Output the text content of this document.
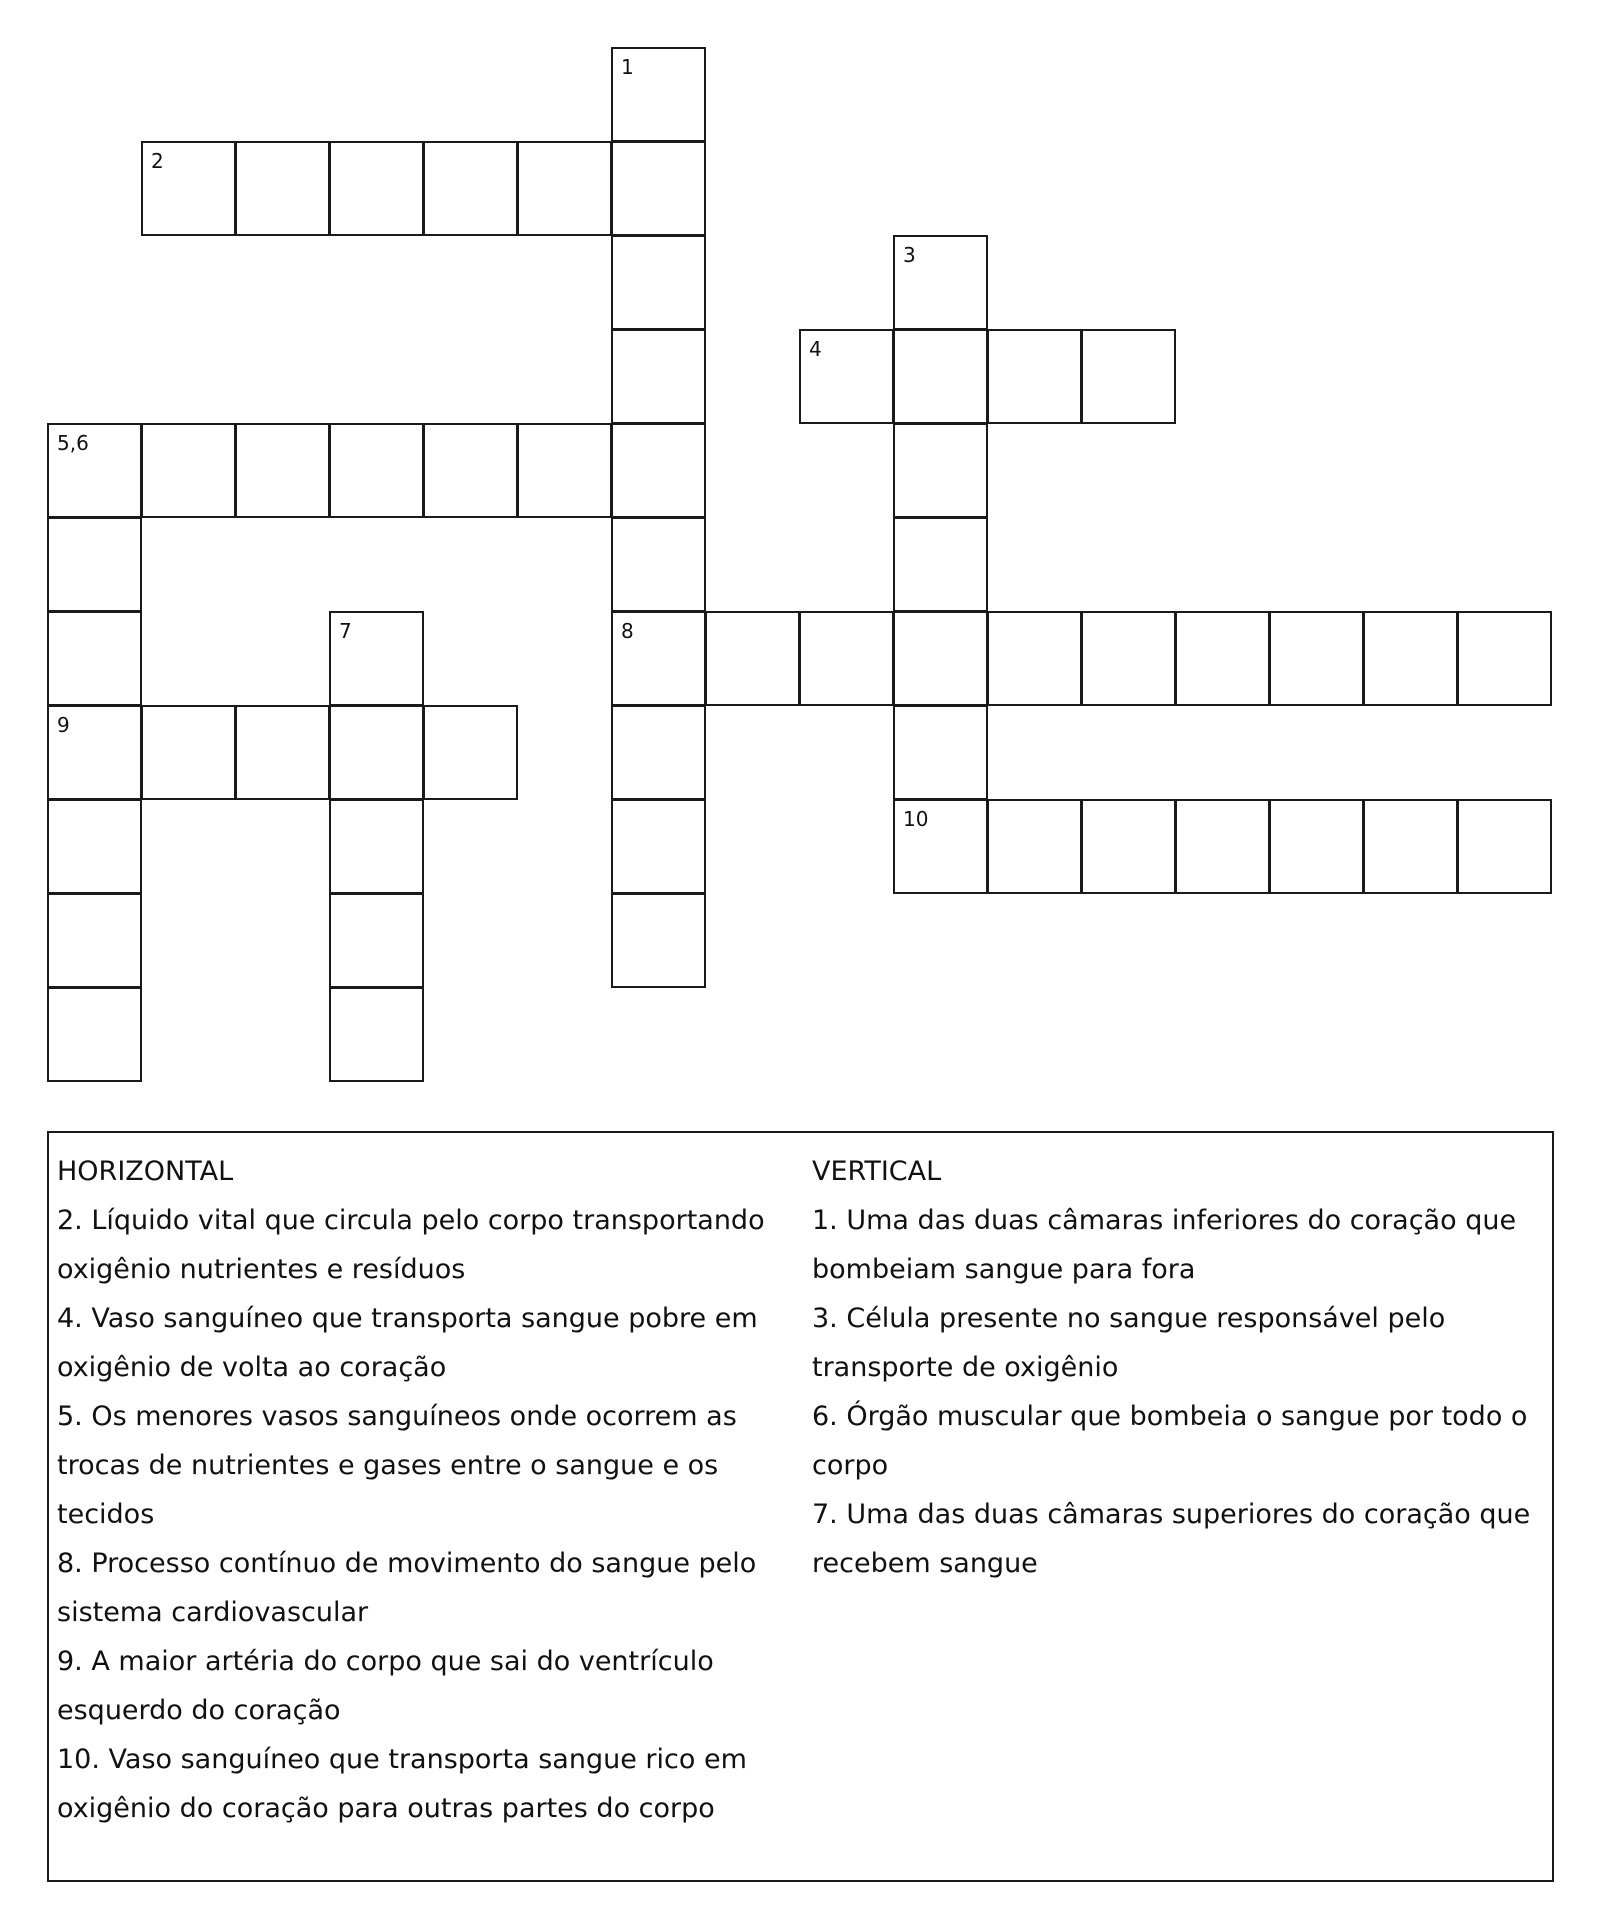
1
2
3
4
5,6
7	8
9
10

HORIZONTAL

2. Líquido vital que circula pelo corpo transportando oxigênio nutrientes e resíduos

4. Vaso sanguíneo que transporta sangue pobre em oxigênio de volta ao coração

5. Os menores vasos sanguíneos onde ocorrem as trocas de nutrientes e gases entre o sangue e os tecidos

8. Processo contínuo de movimento do sangue pelo sistema cardiovascular

9. A maior artéria do corpo que sai do ventrículo esquerdo do coração

10. Vaso sanguíneo que transporta sangue rico em oxigênio do coração para outras partes do corpo

VERTICAL

1. Uma das duas câmaras inferiores do coração que bombeiam sangue para fora

3. Célula presente no sangue responsável pelo transporte de oxigênio

6. Órgão muscular que bombeia o sangue por todo o corpo

7. Uma das duas câmaras superiores do coração que recebem sangue
